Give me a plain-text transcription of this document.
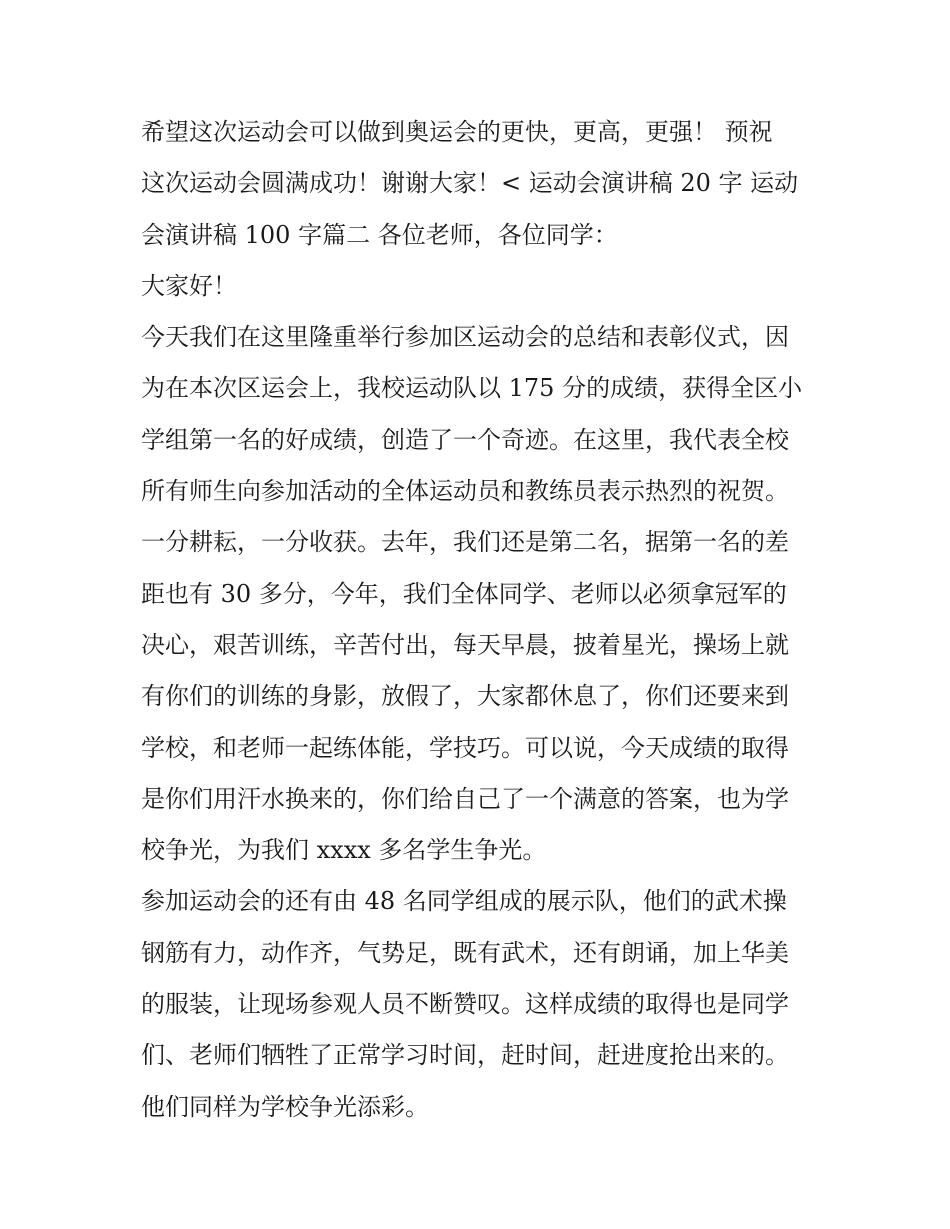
希望这次运动会可以做到奥运会的更快，更高，更强！ 预祝
这次运动会圆满成功！谢谢大家！< 运动会演讲稿 20 字 运动
会演讲稿 100 字篇二 各位老师，各位同学：
大家好！
今天我们在这里隆重举行参加区运动会的总结和表彰仪式，因
为在本次区运会上，我校运动队以 175 分的成绩，获得全区小
学组第一名的好成绩，创造了一个奇迹。在这里，我代表全校
所有师生向参加活动的全体运动员和教练员表示热烈的祝贺。
一分耕耘，一分收获。去年，我们还是第二名，据第一名的差
距也有 30 多分，今年，我们全体同学、老师以必须拿冠军的
决心，艰苦训练，辛苦付出，每天早晨，披着星光，操场上就
有你们的训练的身影，放假了，大家都休息了，你们还要来到
学校，和老师一起练体能，学技巧。可以说，今天成绩的取得
是你们用汗水换来的，你们给自己了一个满意的答案，也为学
校争光，为我们 xxxx 多名学生争光。
参加运动会的还有由 48 名同学组成的展示队，他们的武术操
钢筋有力，动作齐，气势足，既有武术，还有朗诵，加上华美
的服装，让现场参观人员不断赞叹。这样成绩的取得也是同学
们、老师们牺牲了正常学习时间，赶时间，赶进度抢出来的。
他们同样为学校争光添彩。
